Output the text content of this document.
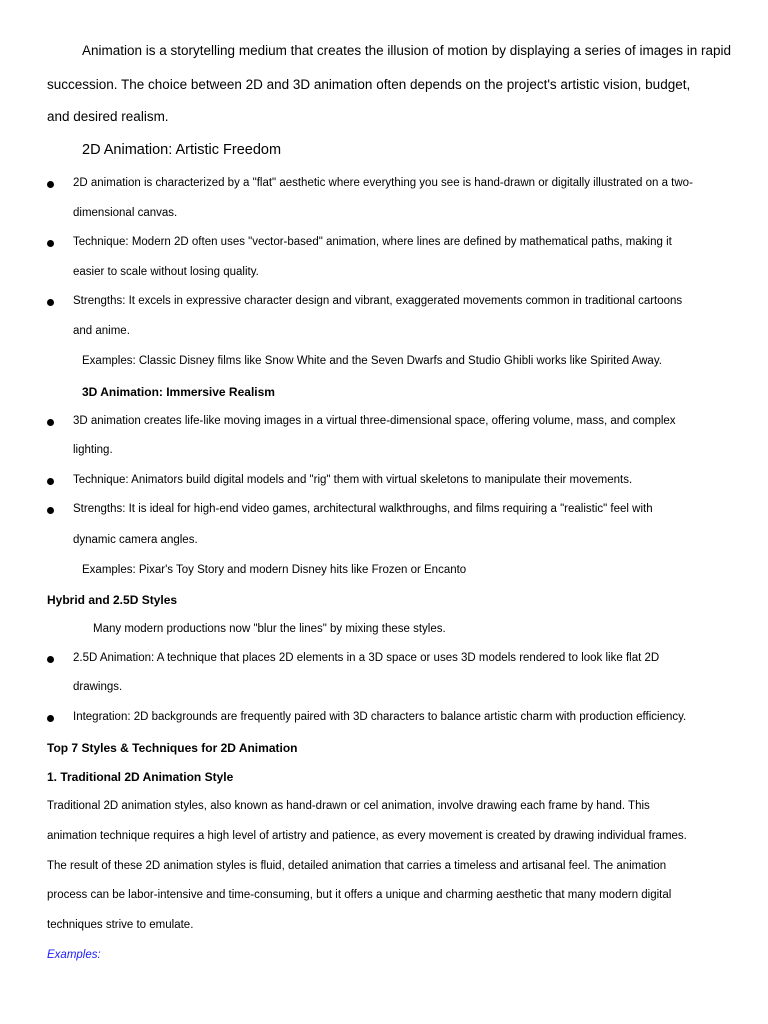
Animation is a storytelling medium that creates the illusion of motion by displaying a series of images in rapid
succession. The choice between 2D and 3D animation often depends on the project's artistic vision, budget,
and desired realism.
2D Animation: Artistic Freedom
2D animation is characterized by a "flat" aesthetic where everything you see is hand-drawn or digitally illustrated on a two-
dimensional canvas.
Technique: Modern 2D often uses "vector-based" animation, where lines are defined by mathematical paths, making it
easier to scale without losing quality.
Strengths: It excels in expressive character design and vibrant, exaggerated movements common in traditional cartoons
and anime.
Examples: Classic Disney films like Snow White and the Seven Dwarfs and Studio Ghibli works like Spirited Away.
3D Animation: Immersive Realism
3D animation creates life-like moving images in a virtual three-dimensional space, offering volume, mass, and complex
lighting.
Technique: Animators build digital models and "rig" them with virtual skeletons to manipulate their movements.
Strengths: It is ideal for high-end video games, architectural walkthroughs, and films requiring a "realistic" feel with
dynamic camera angles.
Examples: Pixar's Toy Story and modern Disney hits like Frozen or Encanto
Hybrid and 2.5D Styles
Many modern productions now "blur the lines" by mixing these styles.
2.5D Animation: A technique that places 2D elements in a 3D space or uses 3D models rendered to look like flat 2D
drawings.
Integration: 2D backgrounds are frequently paired with 3D characters to balance artistic charm with production efficiency.
Top 7 Styles & Techniques for 2D Animation
1. Traditional 2D Animation Style
Traditional 2D animation styles, also known as hand-drawn or cel animation, involve drawing each frame by hand. This
animation technique requires a high level of artistry and patience, as every movement is created by drawing individual frames.
The result of these 2D animation styles is fluid, detailed animation that carries a timeless and artisanal feel. The animation
process can be labor-intensive and time-consuming, but it offers a unique and charming aesthetic that many modern digital
techniques strive to emulate.
Examples:
